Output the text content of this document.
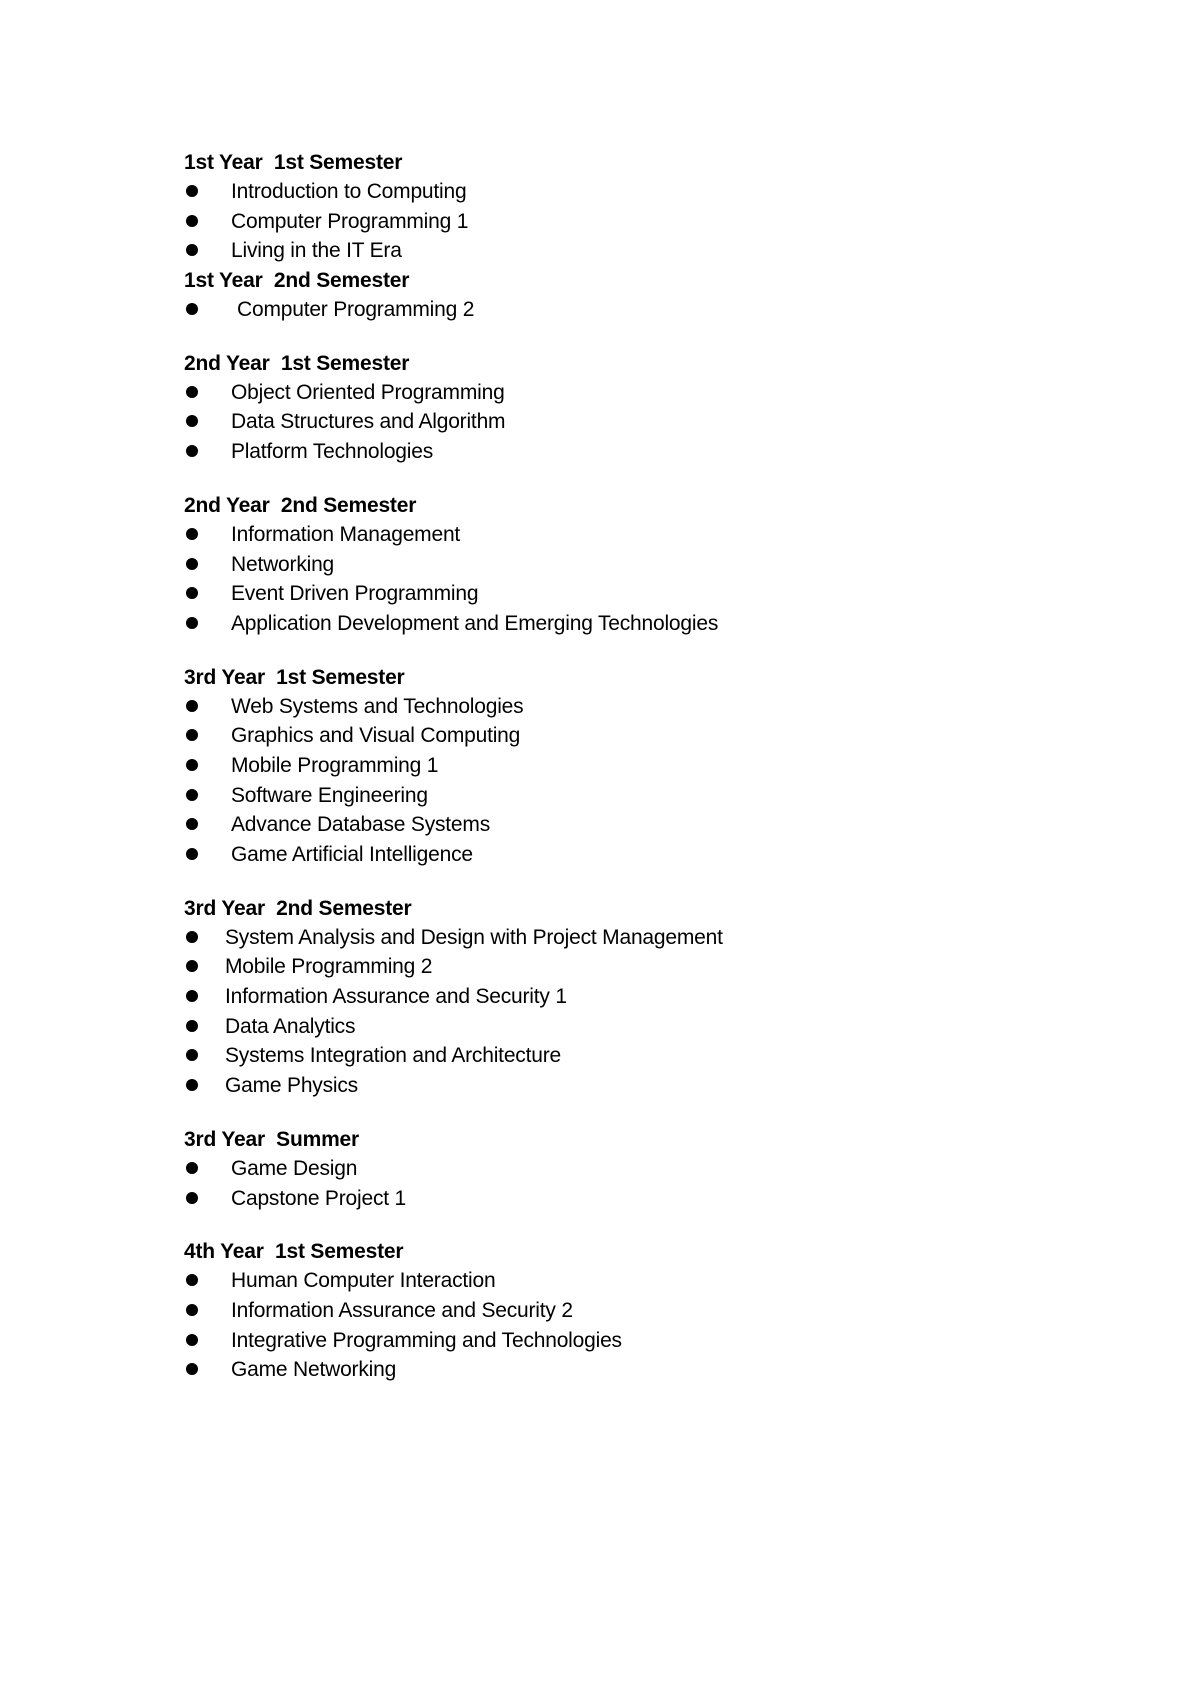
1st Year  1st Semester
Introduction to Computing
Computer Programming 1
Living in the IT Era
1st Year  2nd Semester
Computer Programming 2
2nd Year  1st Semester
Object Oriented Programming
Data Structures and Algorithm
Platform Technologies
2nd Year  2nd Semester
Information Management
Networking
Event Driven Programming
Application Development and Emerging Technologies
3rd Year  1st Semester
Web Systems and Technologies
Graphics and Visual Computing
Mobile Programming 1
Software Engineering
Advance Database Systems
Game Artificial Intelligence
3rd Year  2nd Semester
System Analysis and Design with Project Management
Mobile Programming 2
Information Assurance and Security 1
Data Analytics
Systems Integration and Architecture
Game Physics
3rd Year  Summer
Game Design
Capstone Project 1
4th Year  1st Semester
Human Computer Interaction
Information Assurance and Security 2
Integrative Programming and Technologies
Game Networking
